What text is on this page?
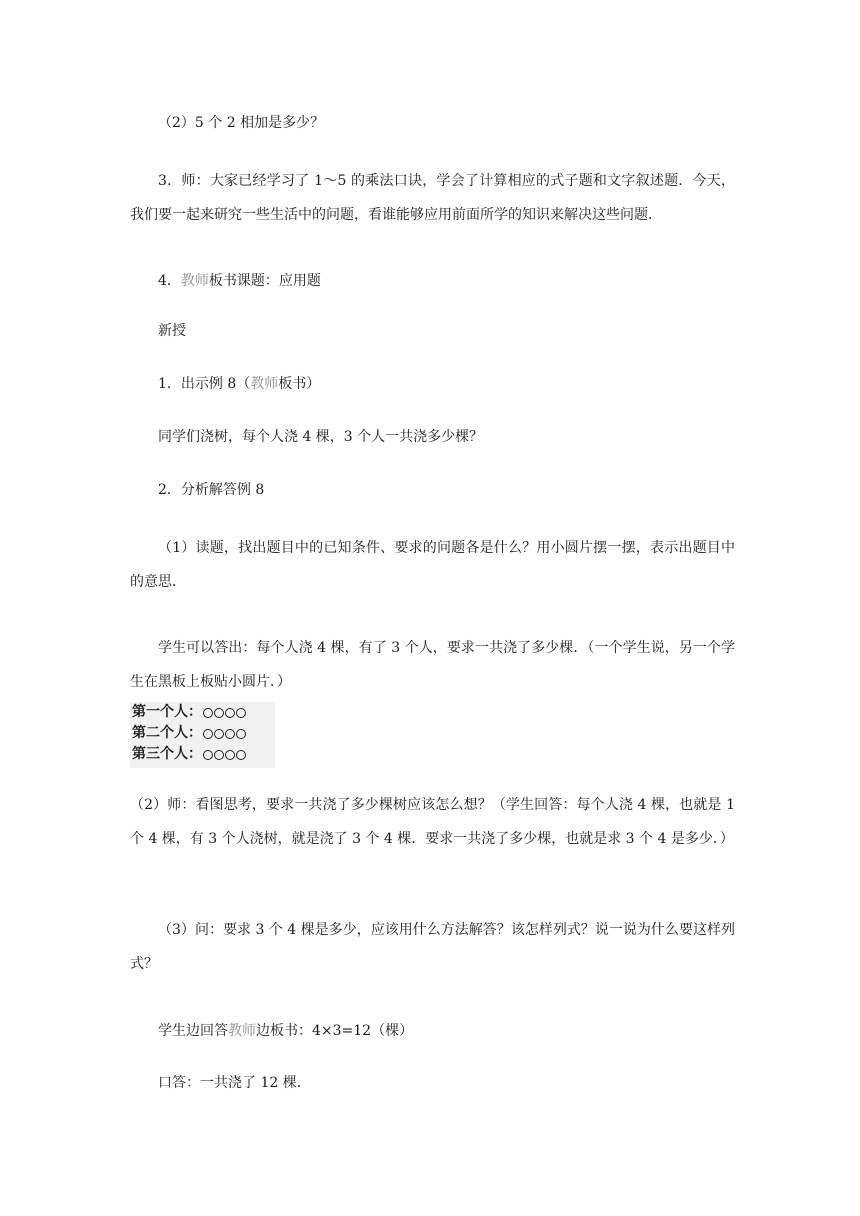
（2）5 个 2 相加是多少？

3．师：大家已经学习了 1～5 的乘法口诀，学会了计算相应的式子题和文字叙述题．今天，我们要一起来研究一些生活中的问题，看谁能够应用前面所学的知识来解决这些问题．

4．教师板书课题：应用题

新授

1．出示例 8（教师板书）

同学们浇树，每个人浇 4 棵，3 个人一共浇多少棵？

2．分析解答例 8

（1）读题，找出题目中的已知条件、要求的问题各是什么？用小圆片摆一摆，表示出题目中的意思．

学生可以答出：每个人浇 4 棵，有了 3 个人，要求一共浇了多少棵．（一个学生说，另一个学生在黑板上板贴小圆片．）

第一个人：
第二个人：
第三个人：

（2）师：看图思考，要求一共浇了多少棵树应该怎么想？（学生回答：每个人浇 4 棵，也就是 1 个 4 棵，有 3 个人浇树，就是浇了 3 个 4 棵．要求一共浇了多少棵，也就是求 3 个 4 是多少．）

（3）问：要求 3 个 4 棵是多少，应该用什么方法解答？该怎样列式？说一说为什么要这样列式？

学生边回答教师边板书：4×3=12（棵）

口答：一共浇了 12 棵．
